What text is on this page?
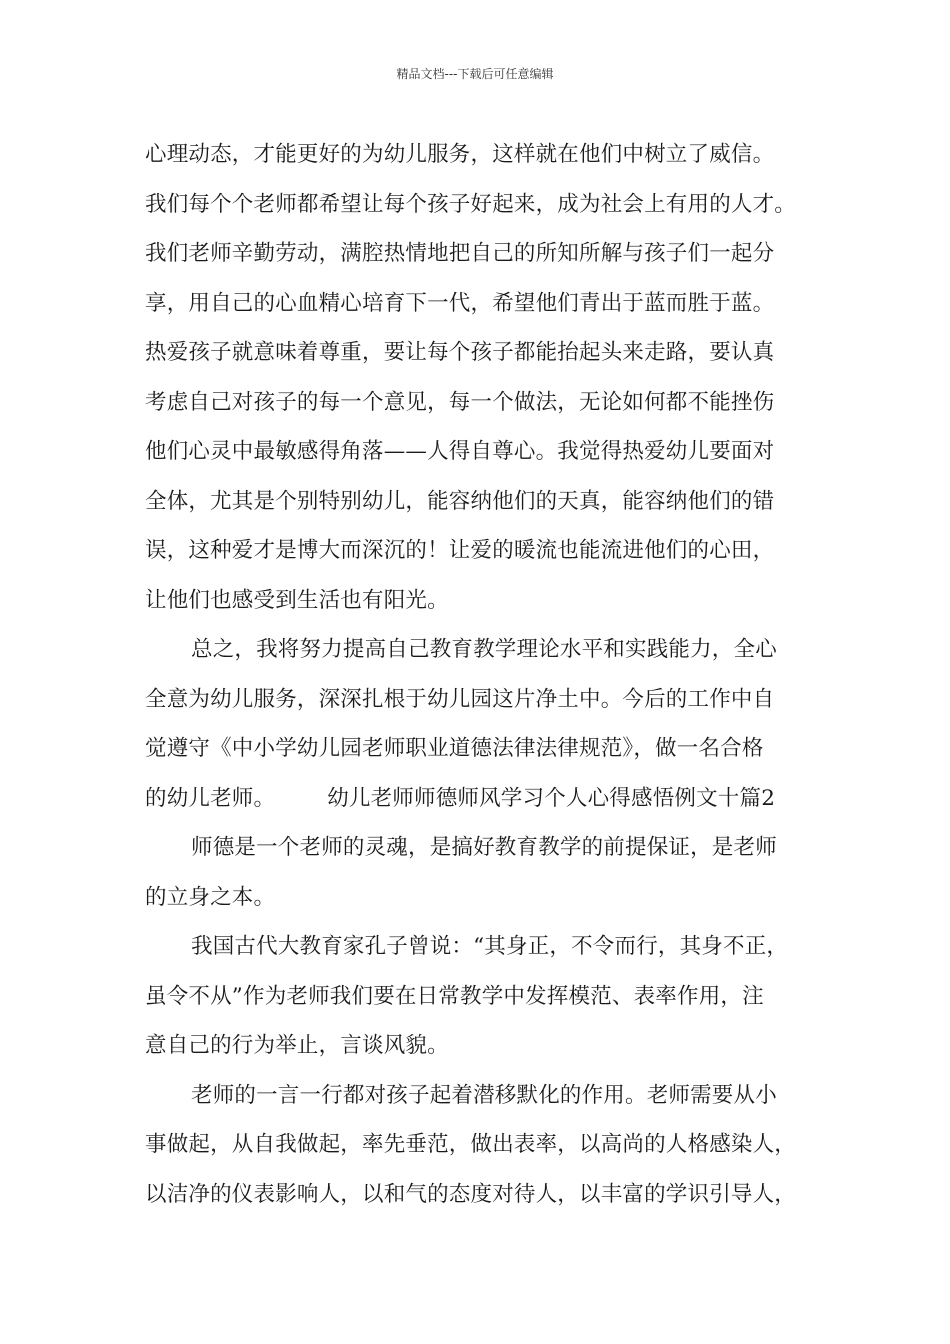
精品文档---下载后可任意编辑
心理动态，才能更好的为幼儿服务，这样就在他们中树立了威信。
我们每个个老师都希望让每个孩子好起来，成为社会上有用的人才。
我们老师辛勤劳动，满腔热情地把自己的所知所解与孩子们一起分
享，用自己的心血精心培育下一代，希望他们青出于蓝而胜于蓝。
热爱孩子就意味着尊重，要让每个孩子都能抬起头来走路，要认真
考虑自己对孩子的每一个意见，每一个做法，无论如何都不能挫伤
他们心灵中最敏感得角落——人得自尊心。我觉得热爱幼儿要面对
全体，尤其是个别特别幼儿，能容纳他们的天真，能容纳他们的错
误，这种爱才是博大而深沉的！让爱的暖流也能流进他们的心田，
让他们也感受到生活也有阳光。
总之，我将努力提高自己教育教学理论水平和实践能力，全心
全意为幼儿服务，深深扎根于幼儿园这片净土中。今后的工作中自
觉遵守《中小学幼儿园老师职业道德法律法律规范》，做一名合格
的幼儿老师。 幼儿老师师德师风学习个人心得感悟例文十篇2
师德是一个老师的灵魂，是搞好教育教学的前提保证，是老师
的立身之本。
我国古代大教育家孔子曾说：“其身正，不令而行，其身不正，
虽令不从”作为老师我们要在日常教学中发挥模范、表率作用，注
意自己的行为举止，言谈风貌。
老师的一言一行都对孩子起着潜移默化的作用。老师需要从小
事做起，从自我做起，率先垂范，做出表率，以高尚的人格感染人，
以洁净的仪表影响人，以和气的态度对待人，以丰富的学识引导人，
